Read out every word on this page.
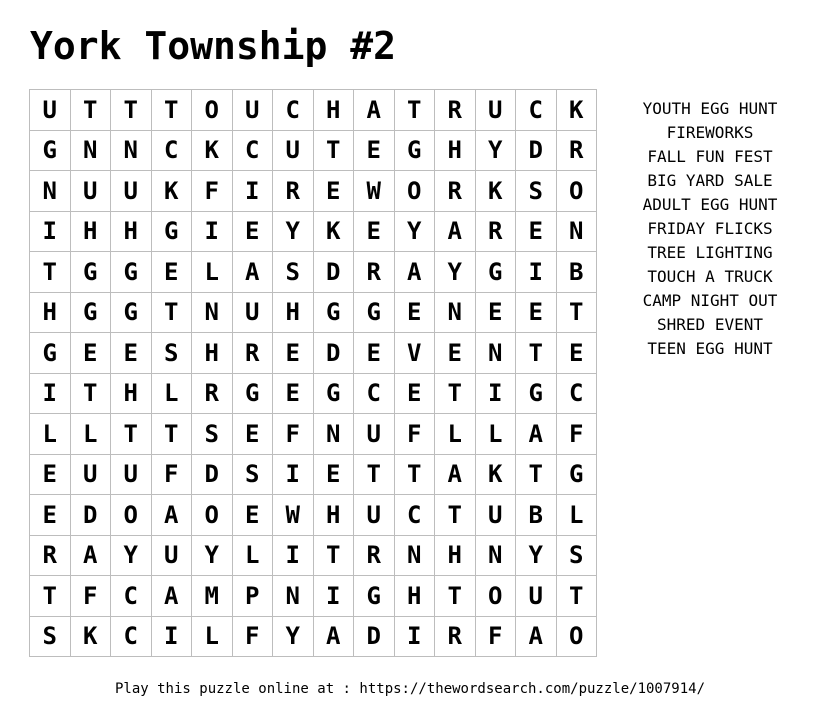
York Township #2
U	T	T	T	O	U	C	H	A	T	R	U	C	K
G	N	N	C	K	C	U	T	E	G	H	Y	D	R
N	U	U	K	F	I	R	E	W	O	R	K	S	O
I	H	H	G	I	E	Y	K	E	Y	A	R	E	N
T	G	G	E	L	A	S	D	R	A	Y	G	I	B
H	G	G	T	N	U	H	G	G	E	N	E	E	T
G	E	E	S	H	R	E	D	E	V	E	N	T	E
I	T	H	L	R	G	E	G	C	E	T	I	G	C
L	L	T	T	S	E	F	N	U	F	L	L	A	F
E	U	U	F	D	S	I	E	T	T	A	K	T	G
E	D	O	A	O	E	W	H	U	C	T	U	B	L
R	A	Y	U	Y	L	I	T	R	N	H	N	Y	S
T	F	C	A	M	P	N	I	G	H	T	O	U	T
S	K	C	I	L	F	Y	A	D	I	R	F	A	O
YOUTH EGG HUNT
FIREWORKS
FALL FUN FEST
BIG YARD SALE
ADULT EGG HUNT
FRIDAY FLICKS
TREE LIGHTING
TOUCH A TRUCK
CAMP NIGHT OUT
SHRED EVENT
TEEN EGG HUNT
Play this puzzle online at : https://thewordsearch.com/puzzle/1007914/
